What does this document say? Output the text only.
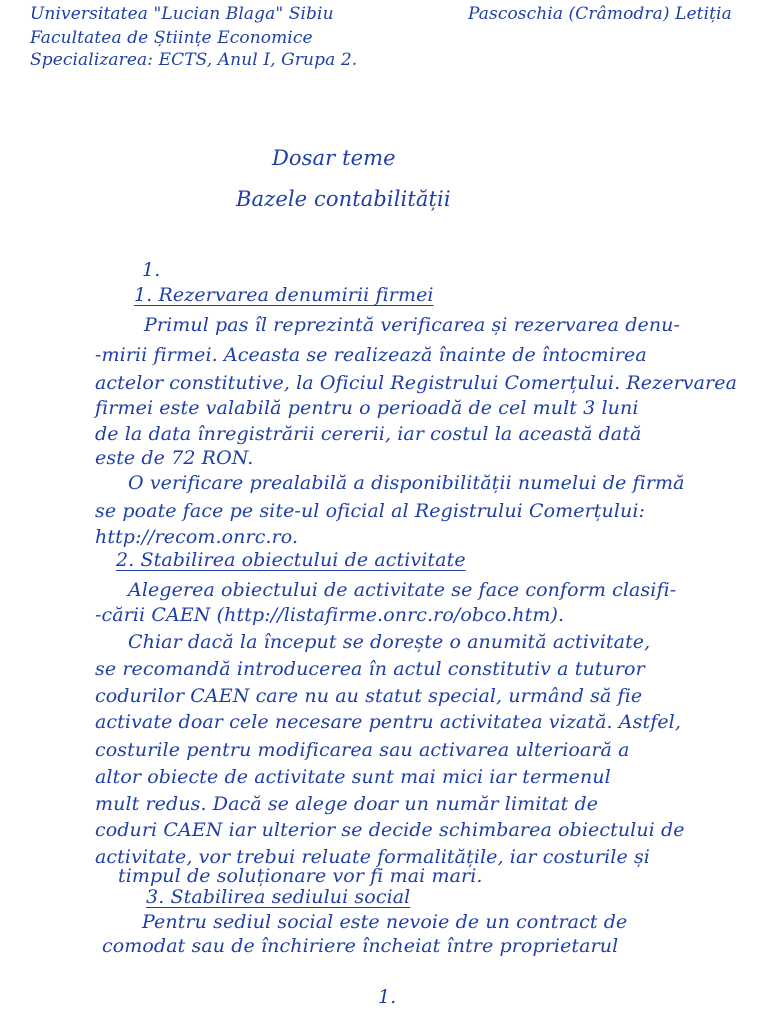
Universitatea "Lucian Blaga" Sibiu
Facultatea de Științe Economice
Specializarea: ECTS, Anul I, Grupa 2.
Pascoschia (Crâmodra) Letiția
Dosar teme
Bazele contabilității
1.
1. Rezervarea denumirii firmei
Primul pas îl reprezintă verificarea și rezervarea denu-
-mirii firmei. Aceasta se realizează înainte de întocmirea
actelor constitutive, la Oficiul Registrului Comerțului. Rezervarea
firmei este valabilă pentru o perioadă de cel mult 3 luni
de la data înregistrării cererii, iar costul la această dată
este de 72 RON.
O verificare prealabilă a disponibilității numelui de firmă
se poate face pe site-ul oficial al Registrului Comerțului:
http://recom.onrc.ro.
2. Stabilirea obiectului de activitate
Alegerea obiectului de activitate se face conform clasifi-
-cării CAEN (http://listafirme.onrc.ro/obco.htm).
Chiar dacă la început se dorește o anumită activitate,
se recomandă introducerea în actul constitutiv a tuturor
codurilor CAEN care nu au statut special, urmând să fie
activate doar cele necesare pentru activitatea vizată. Astfel,
costurile pentru modificarea sau activarea ulterioară a
altor obiecte de activitate sunt mai mici iar termenul
mult redus. Dacă se alege doar un număr limitat de
coduri CAEN iar ulterior se decide schimbarea obiectului de
activitate, vor trebui reluate formalitățile, iar costurile și
timpul de soluționare vor fi mai mari.
3. Stabilirea sediului social
Pentru sediul social este nevoie de un contract de
comodat sau de închiriere încheiat între proprietarul
1.
